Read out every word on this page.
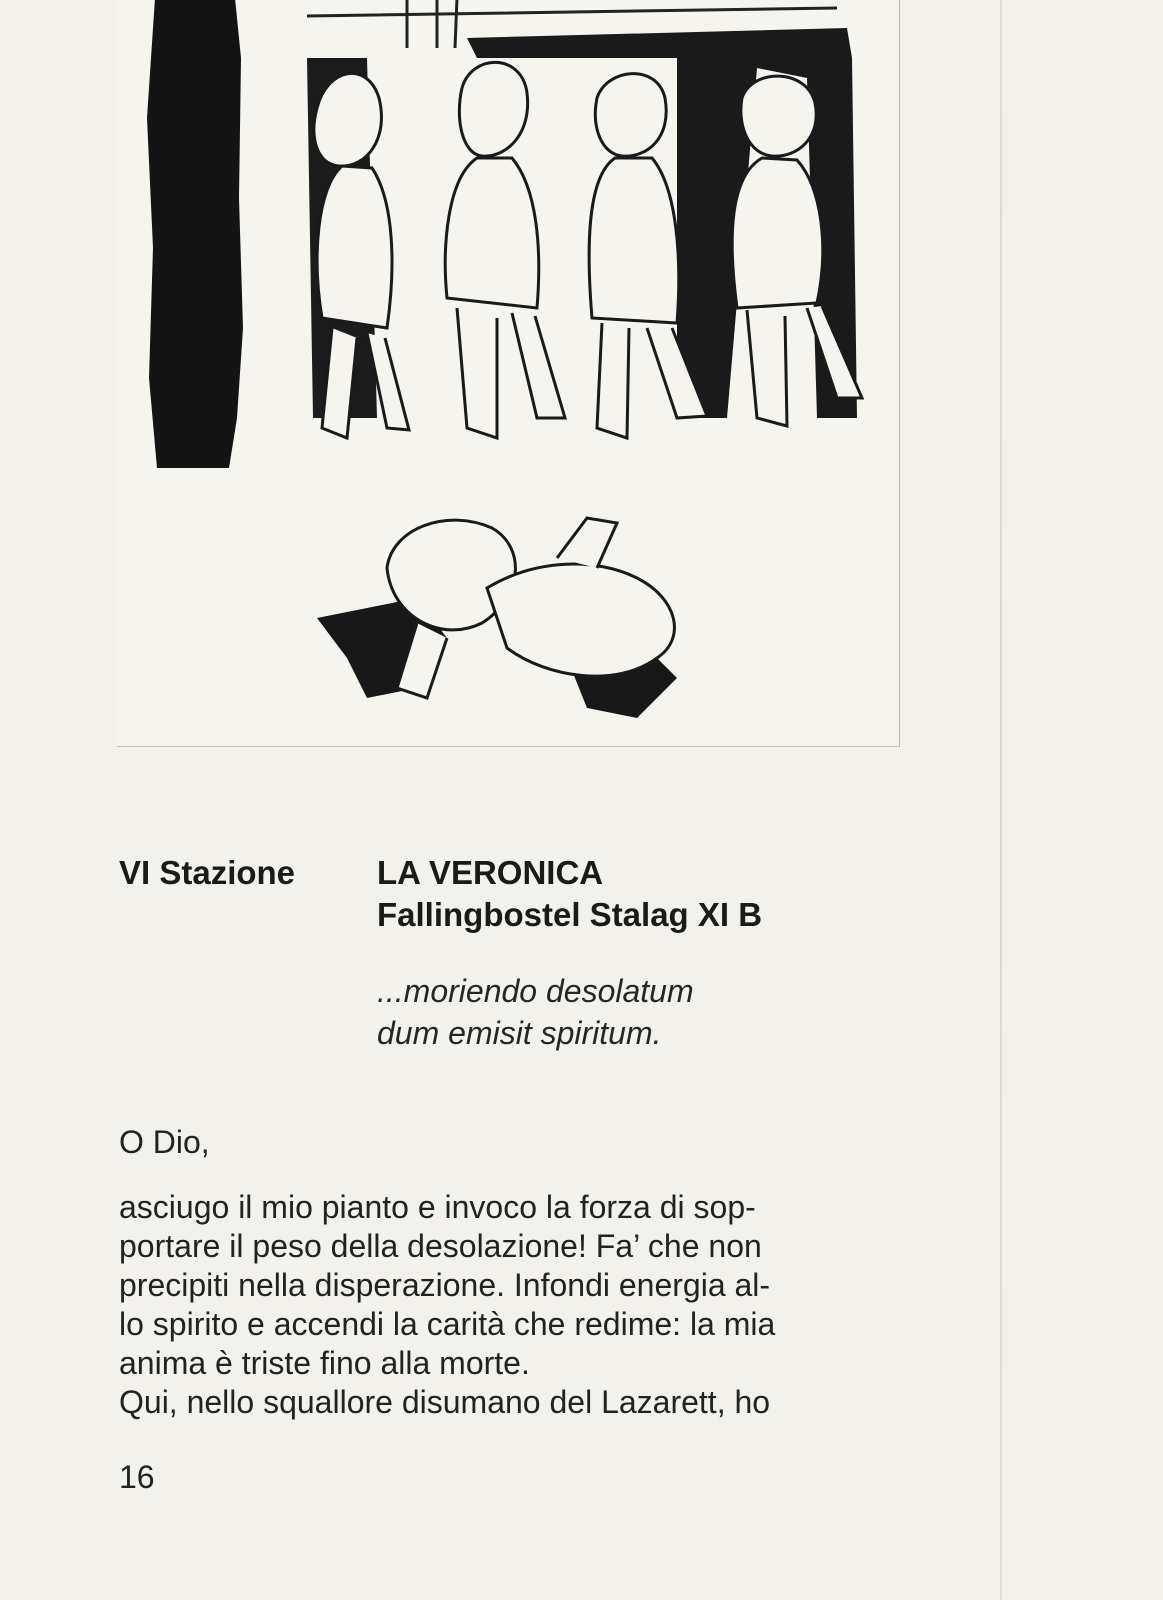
VI Stazione LA VERONICA
Fallingbostel Stalag XI B
...moriendo desolatum
dum emisit spiritum.
O Dio,
asciugo il mio pianto e invoco la forza di sop-
portare il peso della desolazione! Fa’ che non
precipiti nella disperazione. Infondi energia al-
lo spirito e accendi la carità che redime: la mia
anima è triste fino alla morte.
Qui, nello squallore disumano del Lazarett, ho
16
